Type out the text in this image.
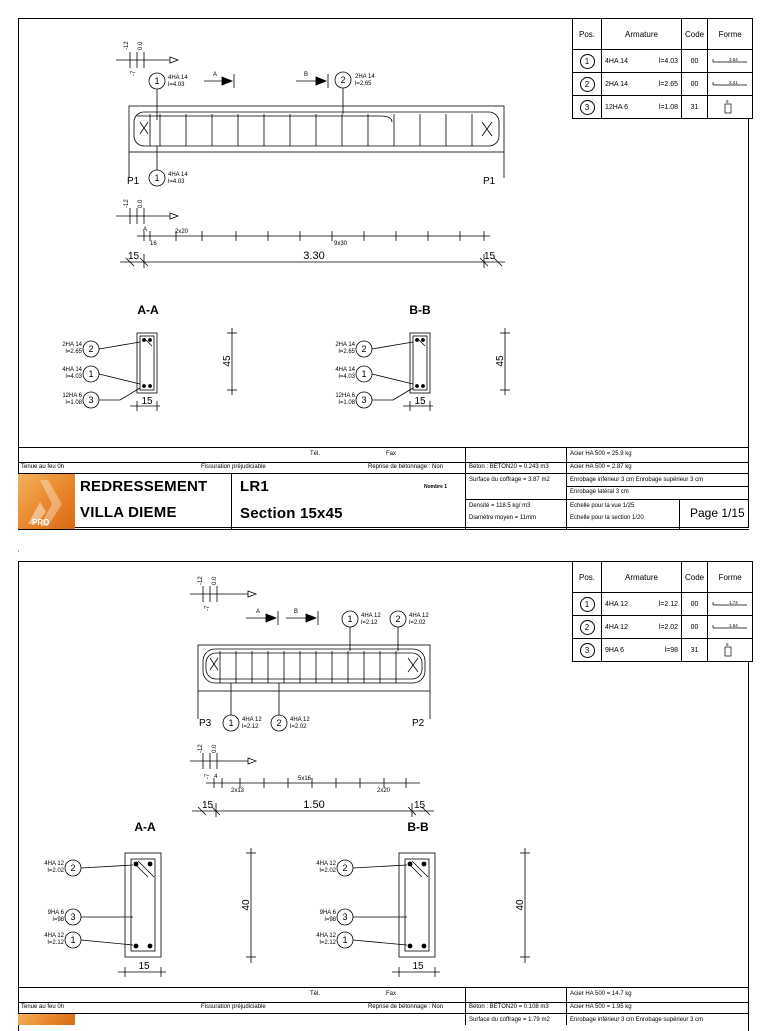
-12 0.0
-7
1 4HA 14
l=4.03	2 2HA 14
l=2.65
A	B
P1	P1
1 4HA 14
l=4.03
-12 0.0
A
16
2x20
9x30
15	3.30	15
A-A	B-B
2
2HA 14
l=2.65
1
4HA 14
l=4.03
3
12HA 6
l=1.08	15
45
2
2HA 14
l=2.65
1
4HA 14
l=4.03
3
12HA 6
l=1.08	15
45
Pos.	Armature	Code	Forme
1	4HA 14 l=4.03	00	3.54

2	2HA 14 l=2.65	00	2.41

3	12HA 6 l=1.08	31	9
Tél.	Fax
Tenue au feu 0h	Fissuration préjudiciable	Reprise de bétonnage : Non
Acier HA 500 = 25.9 kg
Acier HA 500 = 2.87 kg
Béton : BETON20 = 0.243 m3
Surface du coffrage = 3.87 m2	Enrobage inférieur 3 cm Enrobage supérieur 3 cm
Enrobage latéral 3 cm
Densité = 118.5 kg/ m3
Diamètre moyen = 11mm
Echelle pour la vue 1/25
Echelle pour la section 1/20
Nombre 1
PRO
REDRESSEMENT
VILLA DIEME
LR1
Section 15x45	Page 1/15
'
-12 0.0
-7
A	B
1 4HA 12
l=2.12 2 4HA 12
l=2.02
P3	P2
1 4HA 12
l=2.12 2 4HA 12
l=2.02
-12 0.0
-7 4
2x13
5x16
2x20
15	1.50	15
A-A	B-B
2
4HA 12
l=2.02
3
9HA 6
l=98
1
4HA 12
l=2.12
15
40
2
4HA 12
l=2.02
3
9HA 6
l=98
1
4HA 12
l=2.12
15
40
Pos.	Armature	Code	Forme
1	4HA 12 l=2.12	00	1.74

2	4HA 12 l=2.02	00	1.64

3	9HA 6 l=98	31	9
Tél.	Fax
Tenue au feu 0h	Fissuration préjudiciable	Reprise de bétonnage : Non
Acier HA 500 = 14.7 kg
Acier HA 500 = 1.95 kg
Béton : BETON20 = 0.108 m3
Surface du coffrage = 1.79 m2	Enrobage inférieur 3 cm Enrobage supérieur 3 cm
